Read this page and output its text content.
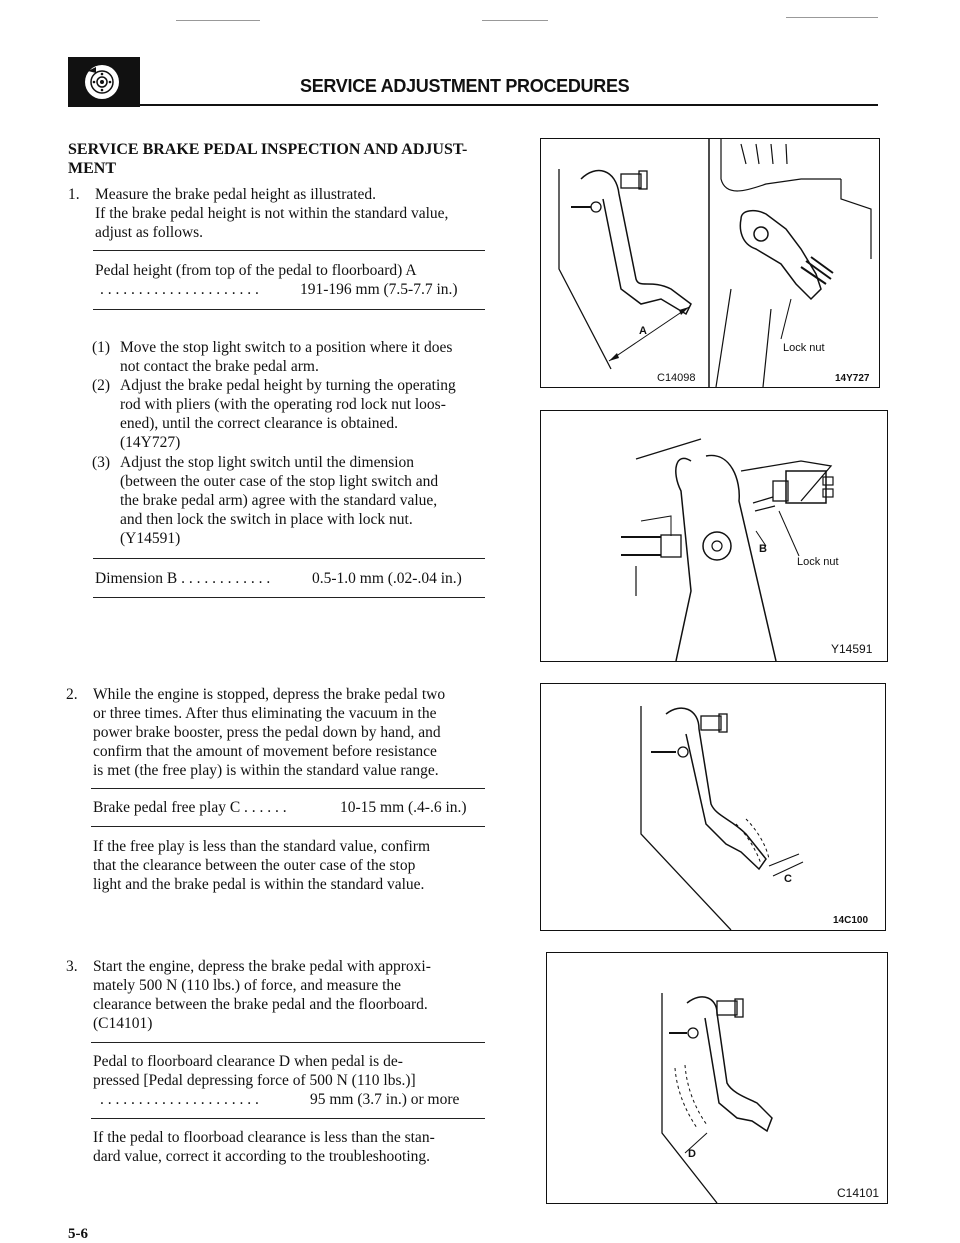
SERVICE ADJUSTMENT PROCEDURES
SERVICE BRAKE PEDAL INSPECTION AND ADJUST-
MENT
1. Measure the brake pedal height as illustrated.
If the brake pedal height is not within the standard value,
adjust as follows.
Pedal height (from top of the pedal to floorboard) A
. . . . . . . . . . . . . . . . . . . . .	191-196 mm (7.5-7.7 in.)
(1) Move the stop light switch to a position where it does
not contact the brake pedal arm.
(2) Adjust the brake pedal height by turning the operating
rod with pliers (with the operating rod lock nut loos-
ened), until the correct clearance is obtained.
(14Y727)
(3) Adjust the stop light switch until the dimension
(between the outer case of the stop light switch and
the brake pedal arm) agree with the standard value,
and then lock the switch in place with lock nut.
(Y14591)
Dimension B . . . . . . . . . . . .	0.5-1.0 mm (.02-.04 in.)
2. While the engine is stopped, depress the brake pedal two
or three times. After thus eliminating the vacuum in the
power brake booster, press the pedal down by hand, and
confirm that the amount of movement before resistance
is met (the free play) is within the standard value range.
Brake pedal free play C . . . . . .	10-15 mm (.4-.6 in.)
If the free play is less than the standard value, confirm
that the clearance between the outer case of the stop
light and the brake pedal is within the standard value.
3. Start the engine, depress the brake pedal with approxi-
mately 500 N (110 lbs.) of force, and measure the
clearance between the brake pedal and the floorboard.
(C14101)
Pedal to floorboard clearance D when pedal is de-
pressed [Pedal depressing force of 500 N (110 lbs.)]
. . . . . . . . . . . . . . . . . . . . .	95 mm (3.7 in.) or more
If the pedal to floorboad clearance is less than the stan-
dard value, correct it according to the troubleshooting.
A
C14098
Lock nut
14Y727
B
Lock nut
Y14591
C
14C100
D
C14101
5-6
